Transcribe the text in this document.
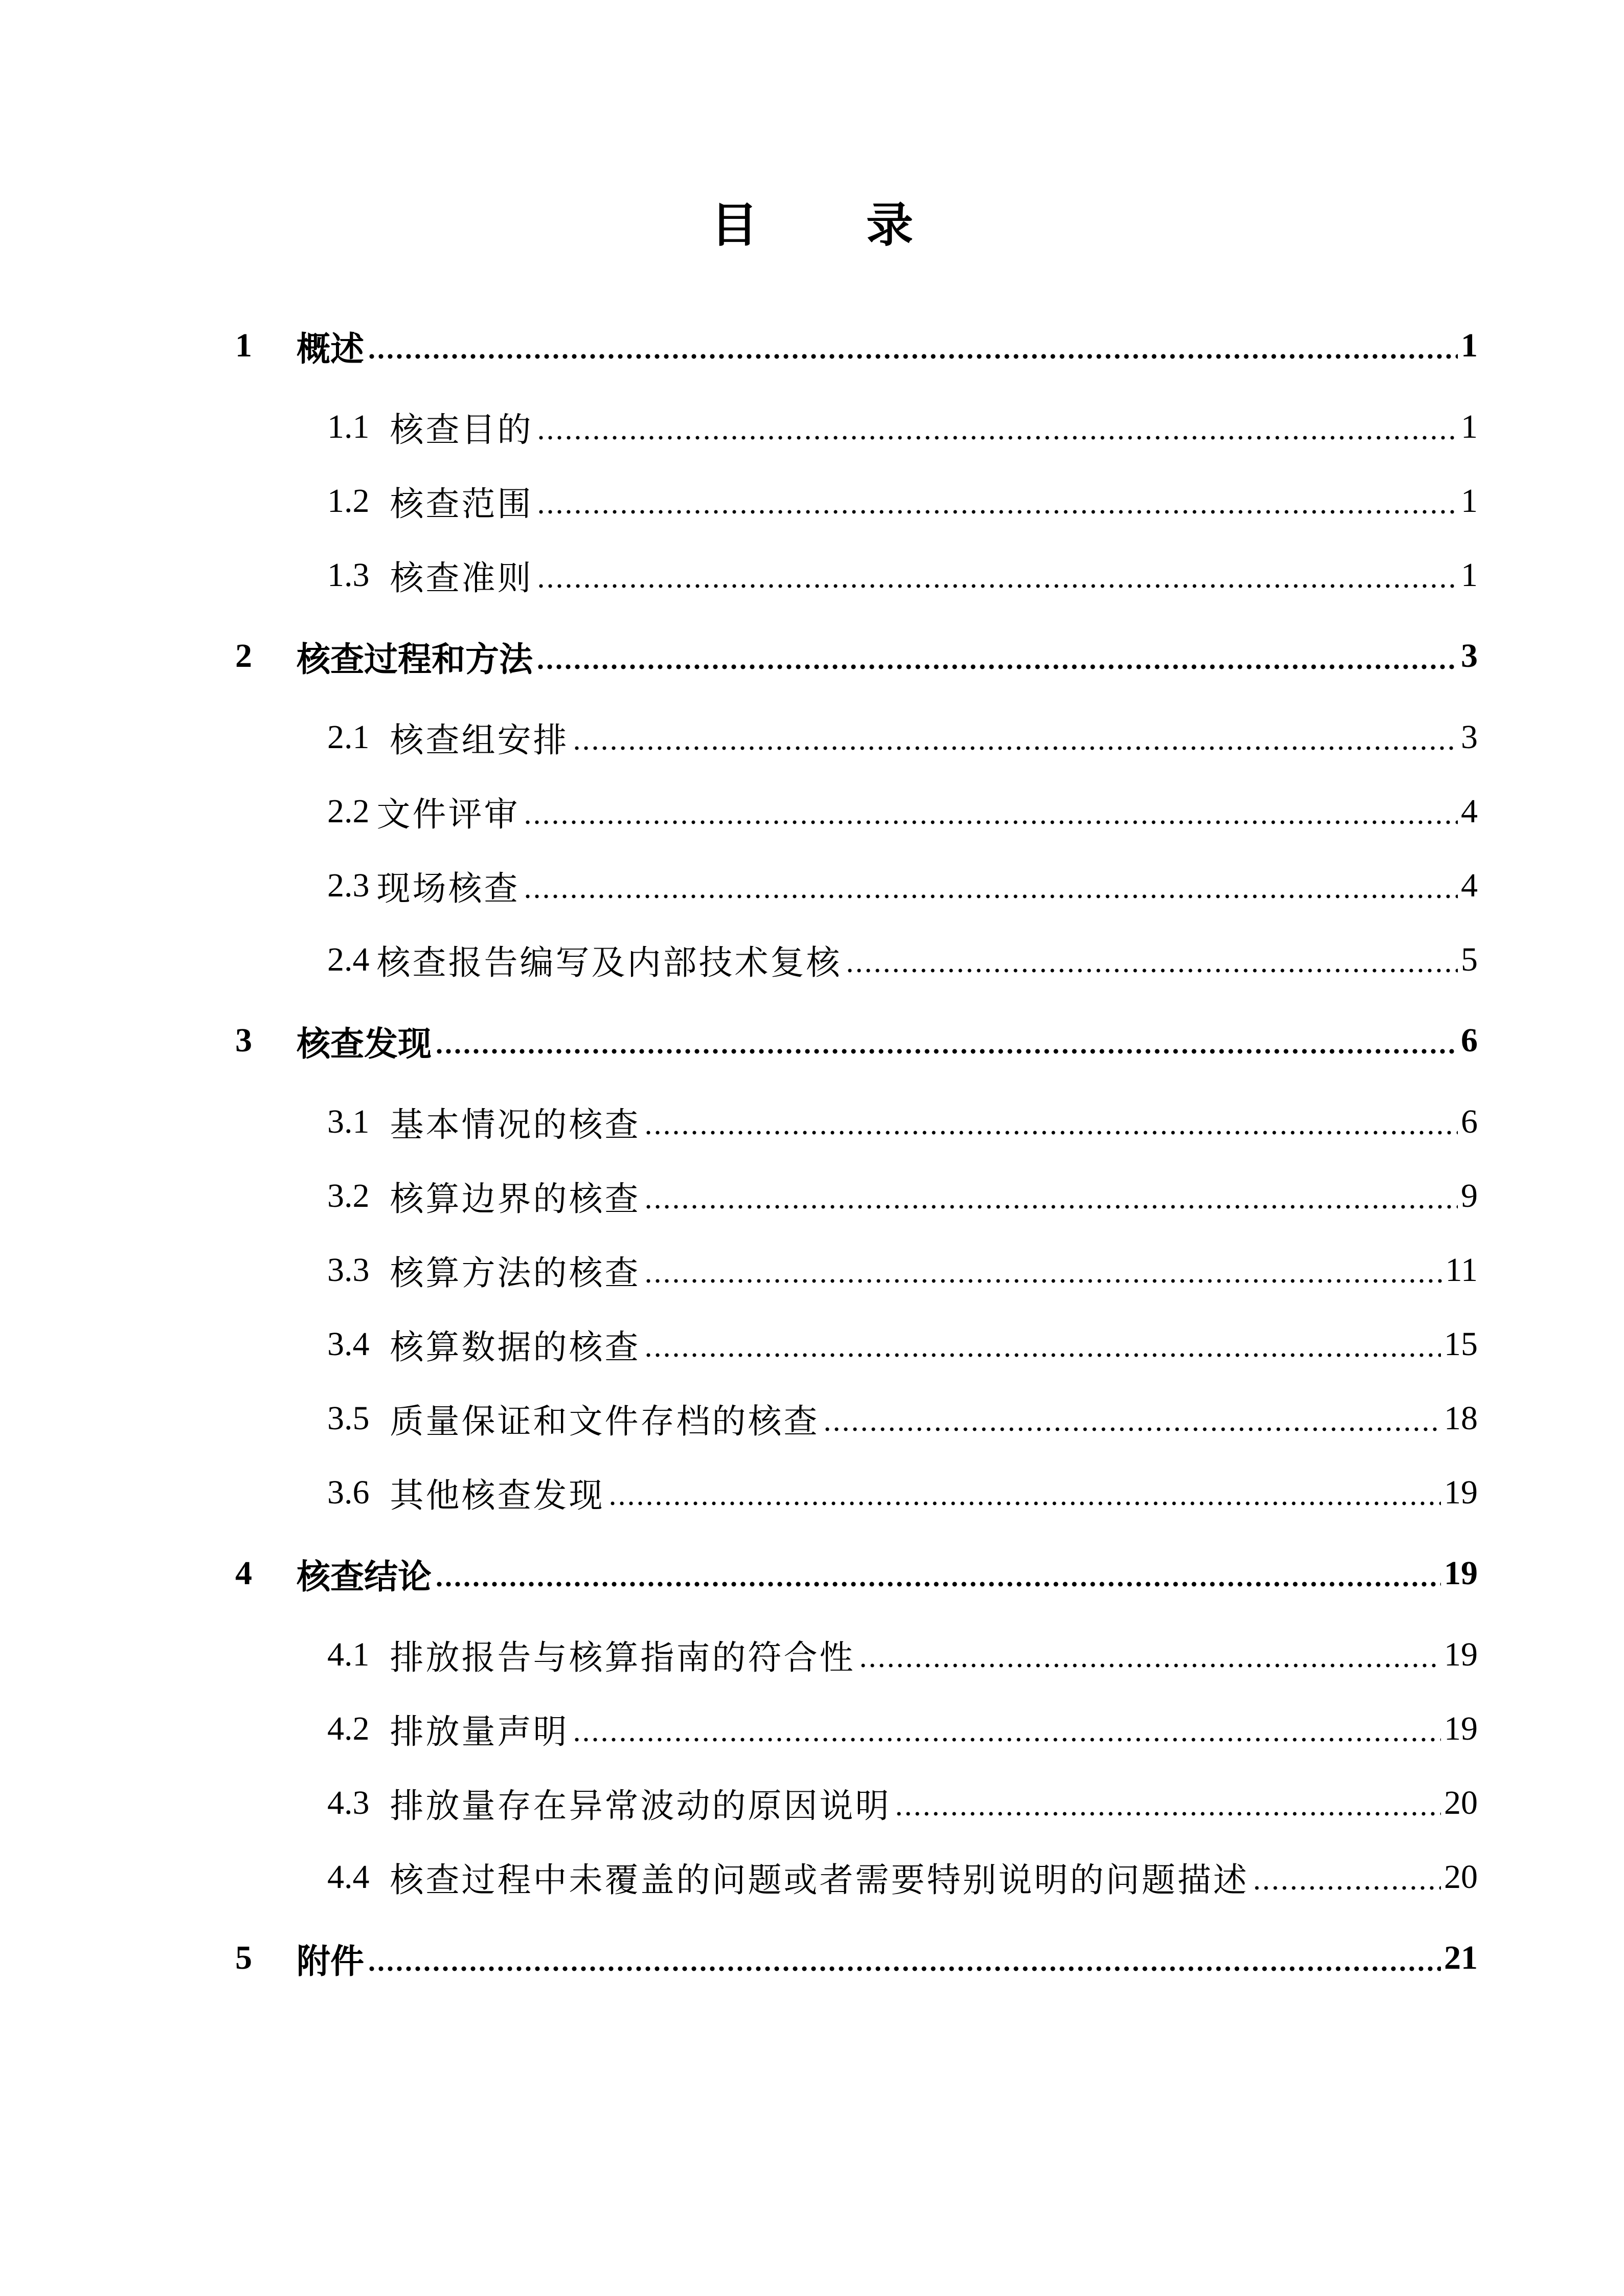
目 录
1	概述	1
1.1 核查目的	1
1.2 核查范围	1
1.3 核查准则	1
2	核查过程和方法	3
2.1 核查组安排	3
2.2 文件评审	4
2.3 现场核查	4
2.4 核查报告编写及内部技术复核	5
3	核查发现	6
3.1 基本情况的核查	6
3.2 核算边界的核查	9
3.3 核算方法的核查	11
3.4 核算数据的核查	15
3.5 质量保证和文件存档的核查	18
3.6 其他核查发现	19
4	核查结论	19
4.1 排放报告与核算指南的符合性	19
4.2 排放量声明	19
4.3 排放量存在异常波动的原因说明	20
4.4 核查过程中未覆盖的问题或者需要特别说明的问题描述	20
5	附件	21
